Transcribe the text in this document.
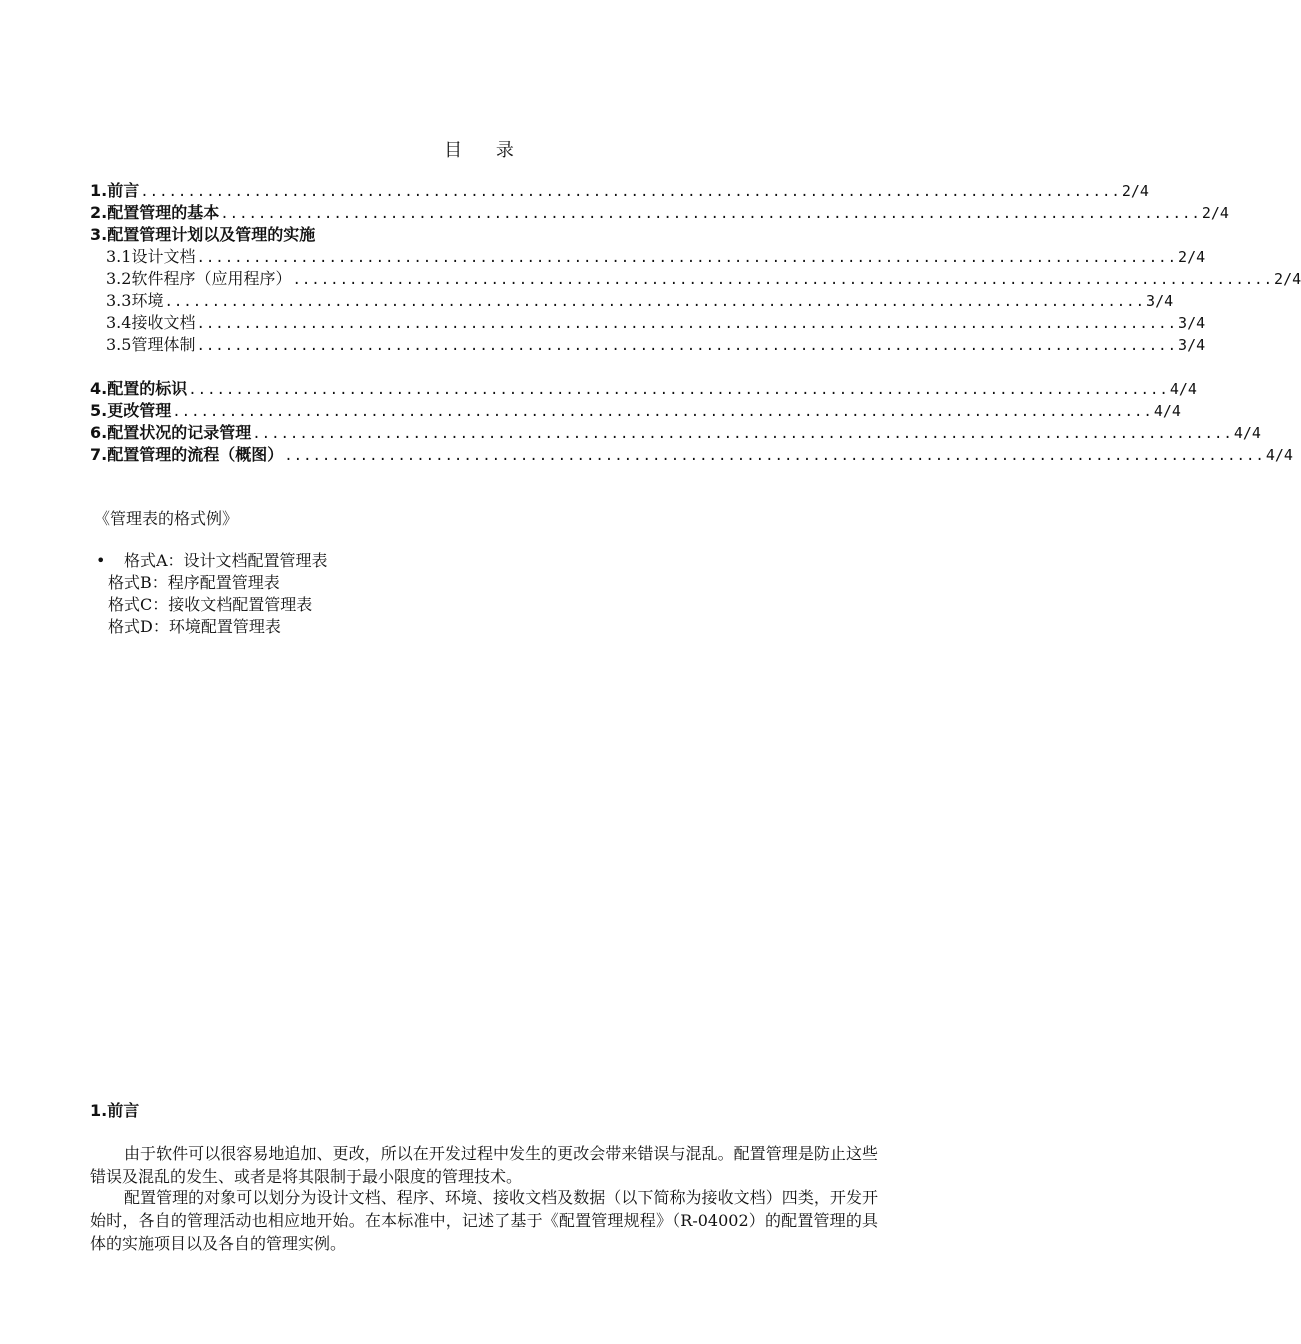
目 录
1.前言 ........................................................................................................ 2/4
2.配置管理的基本 ........................................................................................................ 2/4
3.配置管理计划以及管理的实施
3.1设计文档 ........................................................................................................ 2/4
3.2软件程序（应用程序） ........................................................................................................ 2/4
3.3环境 ........................................................................................................ 3/4
3.4接收文档 ........................................................................................................ 3/4
3.5管理体制 ........................................................................................................ 3/4
4.配置的标识 ........................................................................................................ 4/4
5.更改管理 ........................................................................................................ 4/4
6.配置状况的记录管理 ........................................................................................................ 4/4
7.配置管理的流程（概图） ........................................................................................................ 4/4
《管理表的格式例》
• 格式A：设计文档配置管理表
格式B：程序配置管理表
格式C：接收文档配置管理表
格式D：环境配置管理表
1.前言

由于软件可以很容易地追加、更改，所以在开发过程中发生的更改会带来错误与混乱。配置管理是防止这些错误及混乱的发生、或者是将其限制于最小限度的管理技术。

配置管理的对象可以划分为设计文档、程序、环境、接收文档及数据（以下简称为接收文档）四类，开发开始时，各自的管理活动也相应地开始。在本标准中，记述了基于《配置管理规程》（R-04002）的配置管理的具体的实施项目以及各自的管理实例。
